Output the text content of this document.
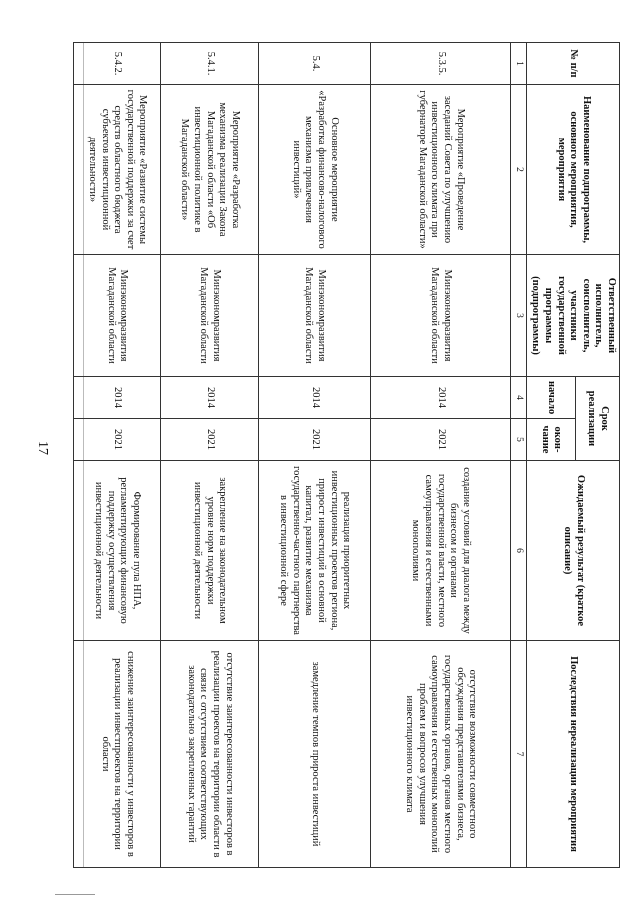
17
№ п/п	Наименование подпрограммы, основного мероприятия, мероприятия	Ответственный исполнитель, соисполнитель, участники государственной программы (подпрограммы)	Срок реализации		Ожидаемый результат (краткое описание)	Последствия нереализации мероприятия
			начало	окон-чание		
1	2	3	4	5	6	7
5.3.5.	Мероприятие «Проведение заседаний Совета по улучшению инвестиционного климата при губернаторе Магаданской области»	Минэкономразвития Магаданской области	2014	2021	создание условий для диалога между бизнесом и органами государственной власти, местного самоуправления и естественными монополиями	отсутствие возможности совместного обсуждения представителями бизнеса, государственных органов, органов местного самоуправления и естественных монополий проблем и вопросов улучшения инвестиционного климата
5.4.	Основное мероприятие «Разработка финансово-налогового механизма привлечения инвестиций»	Минэкономразвития Магаданской области	2014	2021	реализация приоритетных инвестиционных проектов региона, прирост инвестиций в основной капитал, развитие механизма государственно-частного партнерства в инвестиционной сфере	замедление темпов прироста инвестиций
5.4.1.	Мероприятие «Разработка механизма реализации Закона Магаданской области «Об инвестиционной политике в Магаданской области»	Минэкономразвития Магаданской области	2014	2021	закрепление на законодательном уровне норм поддержки инвестиционной деятельности	отсутствие заинтересованности инвесторов в реализации проектов на территории области в связи с отсутствием соответствующих законодательно закрепленных гарантий
5.4.2.	Мероприятие «Развитие системы государственной поддержки за счет средств областного бюджета субъектов инвестиционной деятельности»	Минэкономразвития Магаданской области	2014	2021	Формирование пула НПА, регламентирующих финансовую поддержку осуществления инвестиционной деятельности	снижение заинтересованности у инвесторов в реализации инвестпроектов на территории области
